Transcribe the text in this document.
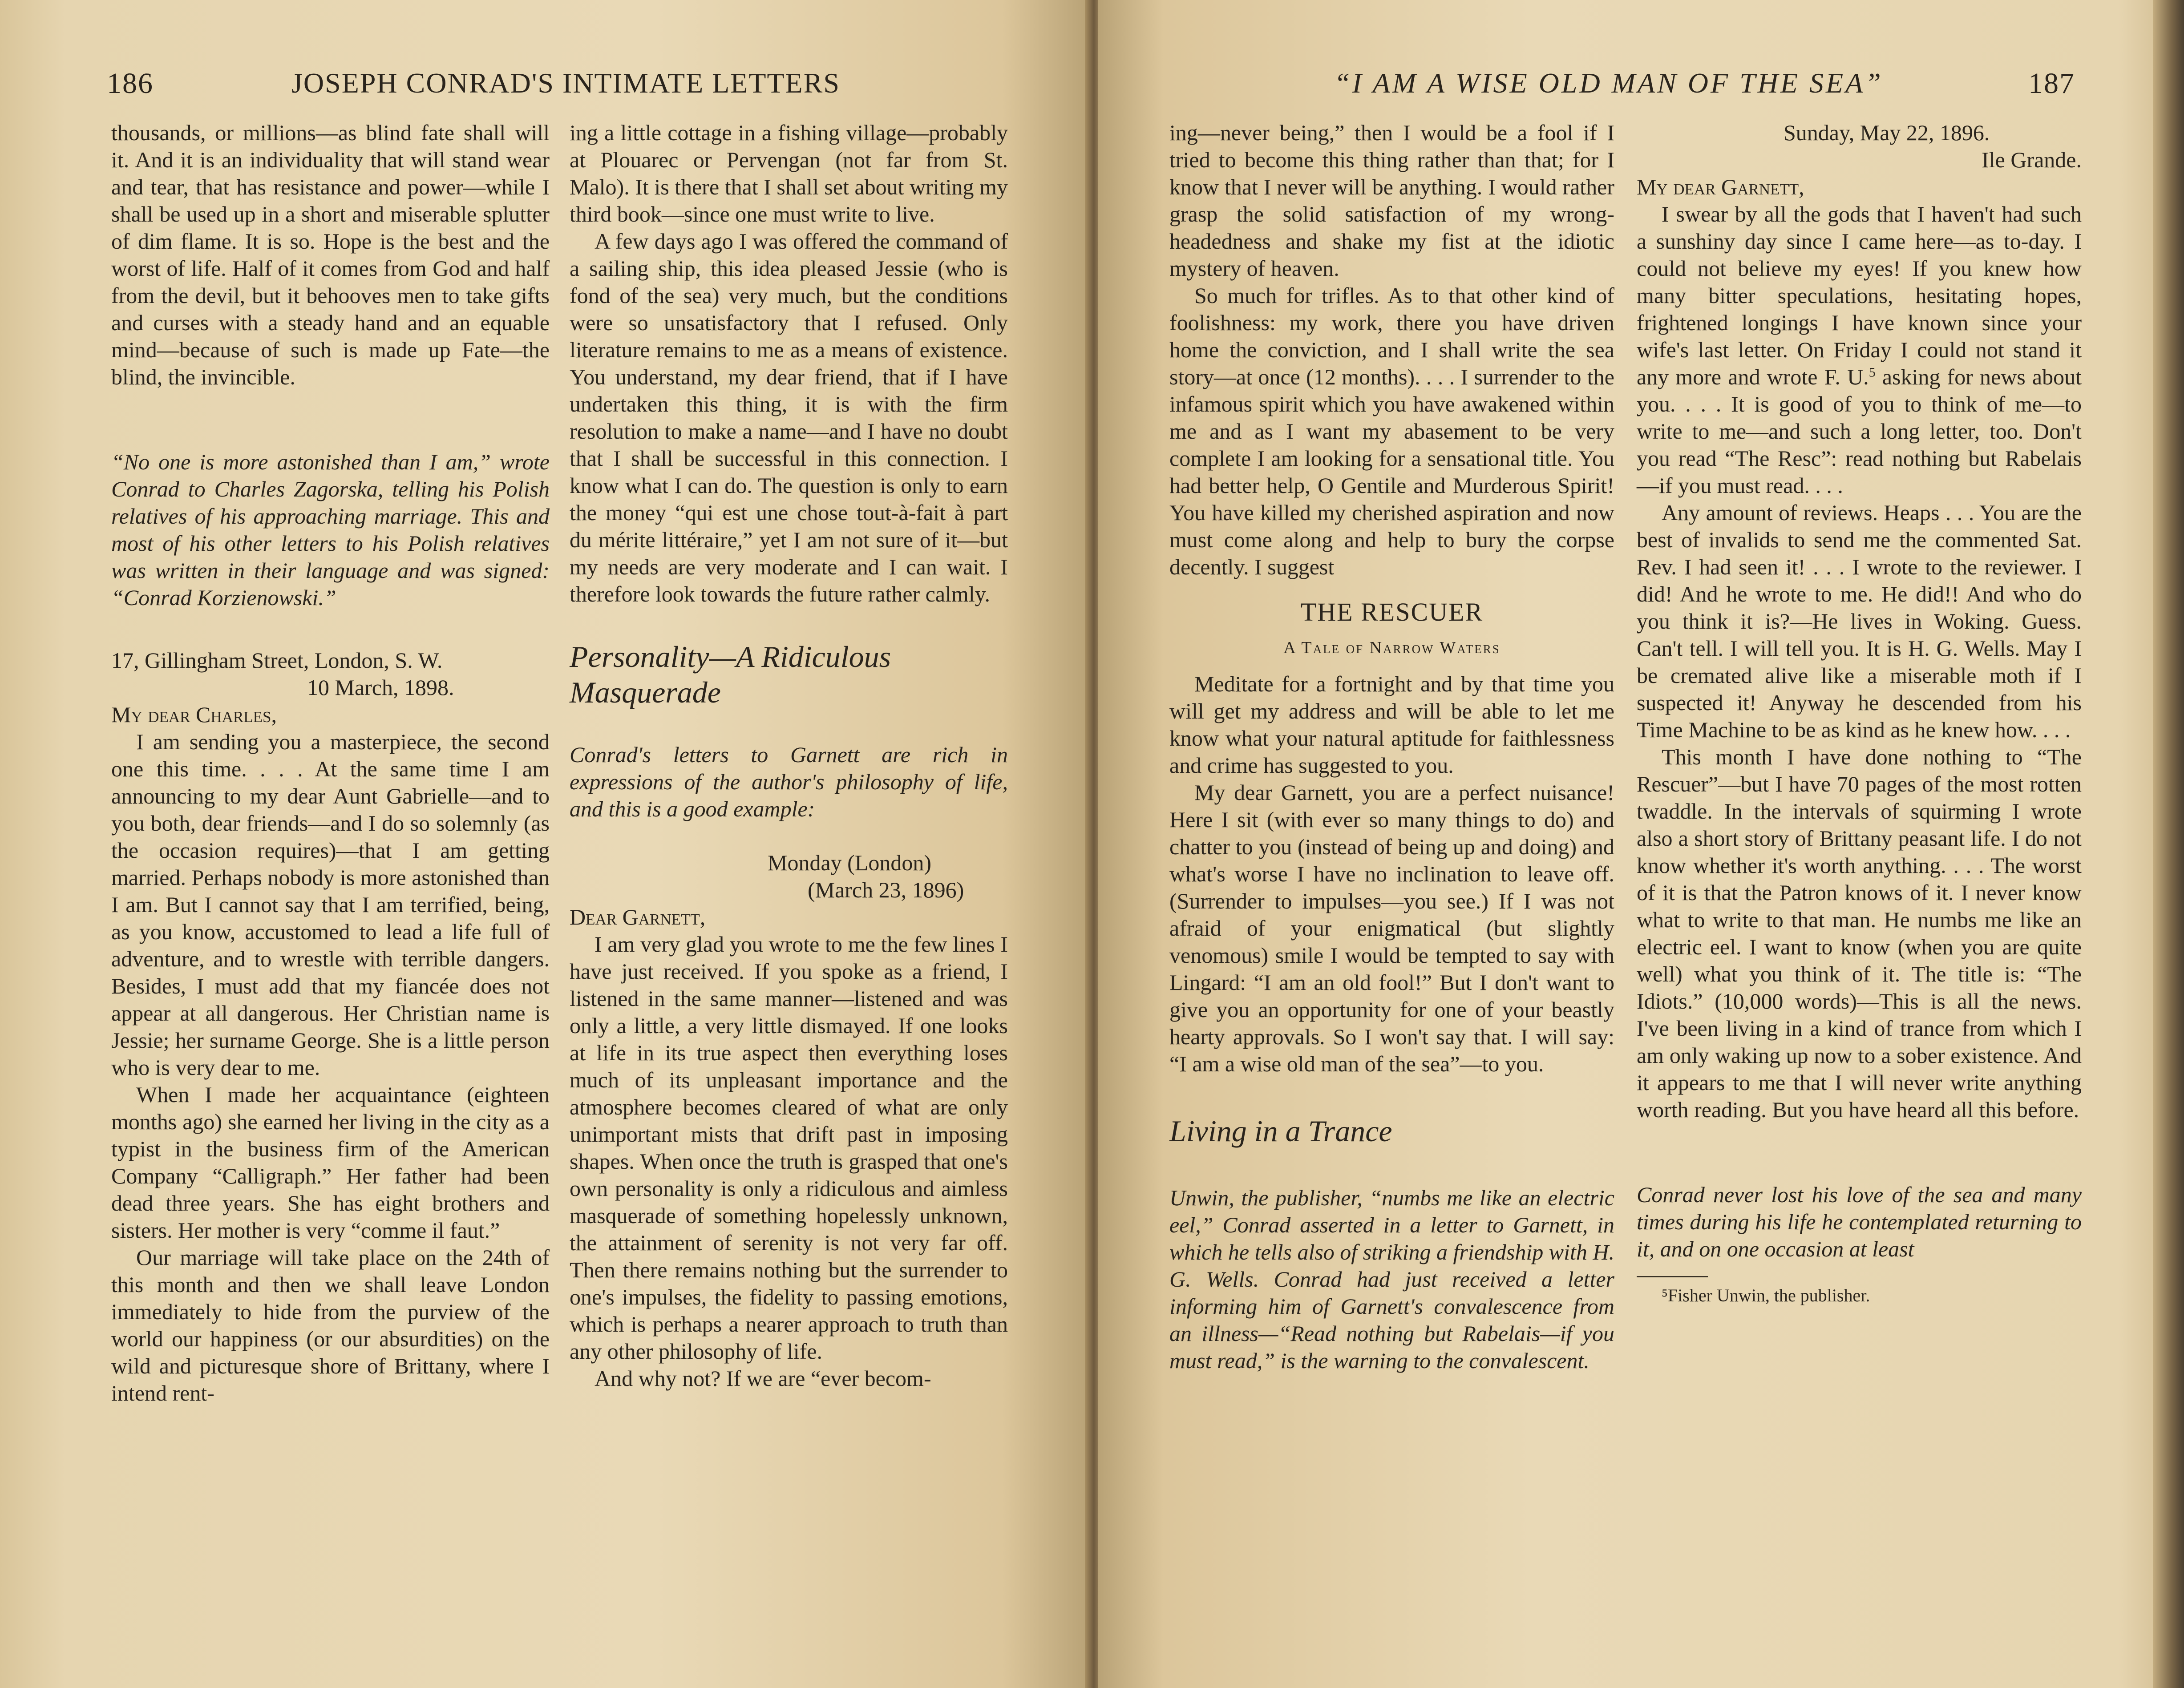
186	JOSEPH CONRAD'S INTIMATE LETTERS

thousands, or millions—as blind fate shall will it. And it is an individuality that will stand wear and tear, that has resistance and power—while I shall be used up in a short and miserable splutter of dim flame. It is so. Hope is the best and the worst of life. Half of it comes from God and half from the devil, but it behooves men to take gifts and curses with a steady hand and an equable mind—because of such is made up Fate—the blind, the invincible.

“No one is more astonished than I am,” wrote Conrad to Charles Zagorska, telling his Polish relatives of his approaching marriage. This and most of his other letters to his Polish relatives was written in their language and was signed: “Conrad Korzienowski.”

17, Gillingham Street, London, S. W.

10 March, 1898.

My dear Charles,

I am sending you a masterpiece, the second one this time. . . . At the same time I am announcing to my dear Aunt Gabrielle—and to you both, dear friends—and I do so solemnly (as the occasion requires)—that I am getting married. Perhaps nobody is more astonished than I am. But I cannot say that I am terrified, being, as you know, accustomed to lead a life full of adventure, and to wrestle with terrible dangers. Besides, I must add that my fiancée does not appear at all dangerous. Her Christian name is Jessie; her surname George. She is a little person who is very dear to me.

When I made her acquaintance (eighteen months ago) she earned her living in the city as a typist in the business firm of the American Company “Calligraph.” Her father had been dead three years. She has eight brothers and sisters. Her mother is very “comme il faut.”

Our marriage will take place on the 24th of this month and then we shall leave London immediately to hide from the purview of the world our happiness (or our absurdities) on the wild and picturesque shore of Brittany, where I intend rent-

ing a little cottage in a fishing village—probably at Plouarec or Pervengan (not far from St. Malo). It is there that I shall set about writing my third book—since one must write to live.

A few days ago I was offered the command of a sailing ship, this idea pleased Jessie (who is fond of the sea) very much, but the conditions were so unsatisfactory that I refused. Only literature remains to me as a means of existence. You understand, my dear friend, that if I have undertaken this thing, it is with the firm resolution to make a name—and I have no doubt that I shall be successful in this connection. I know what I can do. The question is only to earn the money “qui est une chose tout-à-fait à part du mérite littéraire,” yet I am not sure of it—but my needs are very moderate and I can wait. I therefore look towards the future rather calmly.

Personality—A Ridiculous Masquerade

Conrad's letters to Garnett are rich in expressions of the author's philosophy of life, and this is a good example:

Monday (London)

(March 23, 1896)

Dear Garnett,

I am very glad you wrote to me the few lines I have just received. If you spoke as a friend, I listened in the same manner—listened and was only a little, a very little dismayed. If one looks at life in its true aspect then everything loses much of its unpleasant importance and the atmosphere becomes cleared of what are only unimportant mists that drift past in imposing shapes. When once the truth is grasped that one's own personality is only a ridiculous and aimless masquerade of something hopelessly unknown, the attainment of serenity is not very far off. Then there remains nothing but the surrender to one's impulses, the fidelity to passing emotions, which is perhaps a nearer approach to truth than any other philosophy of life.

And why not? If we are “ever becom-

“I AM A WISE OLD MAN OF THE SEA”	187

ing—never being,” then I would be a fool if I tried to become this thing rather than that; for I know that I never will be anything. I would rather grasp the solid satisfaction of my wrong-headedness and shake my fist at the idiotic mystery of heaven.

So much for trifles. As to that other kind of foolishness: my work, there you have driven home the conviction, and I shall write the sea story—at once (12 months). . . . I surrender to the infamous spirit which you have awakened within me and as I want my abasement to be very complete I am looking for a sensational title. You had better help, O Gentile and Murderous Spirit! You have killed my cherished aspiration and now must come along and help to bury the corpse decently. I suggest

THE RESCUER

A Tale of Narrow Waters

Meditate for a fortnight and by that time you will get my address and will be able to let me know what your natural aptitude for faithlessness and crime has suggested to you.

My dear Garnett, you are a perfect nuisance! Here I sit (with ever so many things to do) and chatter to you (instead of being up and doing) and what's worse I have no inclination to leave off. (Surrender to impulses—you see.) If I was not afraid of your enigmatical (but slightly venomous) smile I would be tempted to say with Lingard: “I am an old fool!” But I don't want to give you an opportunity for one of your beastly hearty approvals. So I won't say that. I will say: “I am a wise old man of the sea”—to you.

Living in a Trance

Unwin, the publisher, “numbs me like an electric eel,” Conrad asserted in a letter to Garnett, in which he tells also of striking a friendship with H. G. Wells. Conrad had just received a letter informing him of Garnett's convalescence from an illness—“Read nothing but Rabelais—if you must read,” is the warning to the convalescent.

Sunday, May 22, 1896.

Ile Grande.

My dear Garnett,

I swear by all the gods that I haven't had such a sunshiny day since I came here—as to-day. I could not believe my eyes! If you knew how many bitter speculations, hesitating hopes, frightened longings I have known since your wife's last letter. On Friday I could not stand it any more and wrote F. U.$^5$ asking for news about you. . . . It is good of you to think of me—to write to me—and such a long letter, too. Don't you read “The Resc”: read nothing but Rabelais—if you must read. . . .

Any amount of reviews. Heaps . . . You are the best of invalids to send me the commented Sat. Rev. I had seen it! . . . I wrote to the reviewer. I did! And he wrote to me. He did!! And who do you think it is?—He lives in Woking. Guess. Can't tell. I will tell you. It is H. G. Wells. May I be cremated alive like a miserable moth if I suspected it! Anyway he descended from his Time Machine to be as kind as he knew how. . . .

This month I have done nothing to “The Rescuer”—but I have 70 pages of the most rotten twaddle. In the intervals of squirming I wrote also a short story of Brittany peasant life. I do not know whether it's worth anything. . . . The worst of it is that the Patron knows of it. I never know what to write to that man. He numbs me like an electric eel. I want to know (when you are quite well) what you think of it. The title is: “The Idiots.” (10,000 words)—This is all the news. I've been living in a kind of trance from which I am only waking up now to a sober existence. And it appears to me that I will never write anything worth reading. But you have heard all this before.

Conrad never lost his love of the sea and many times during his life he contemplated returning to it, and on one occasion at least

⁵Fisher Unwin, the publisher.
